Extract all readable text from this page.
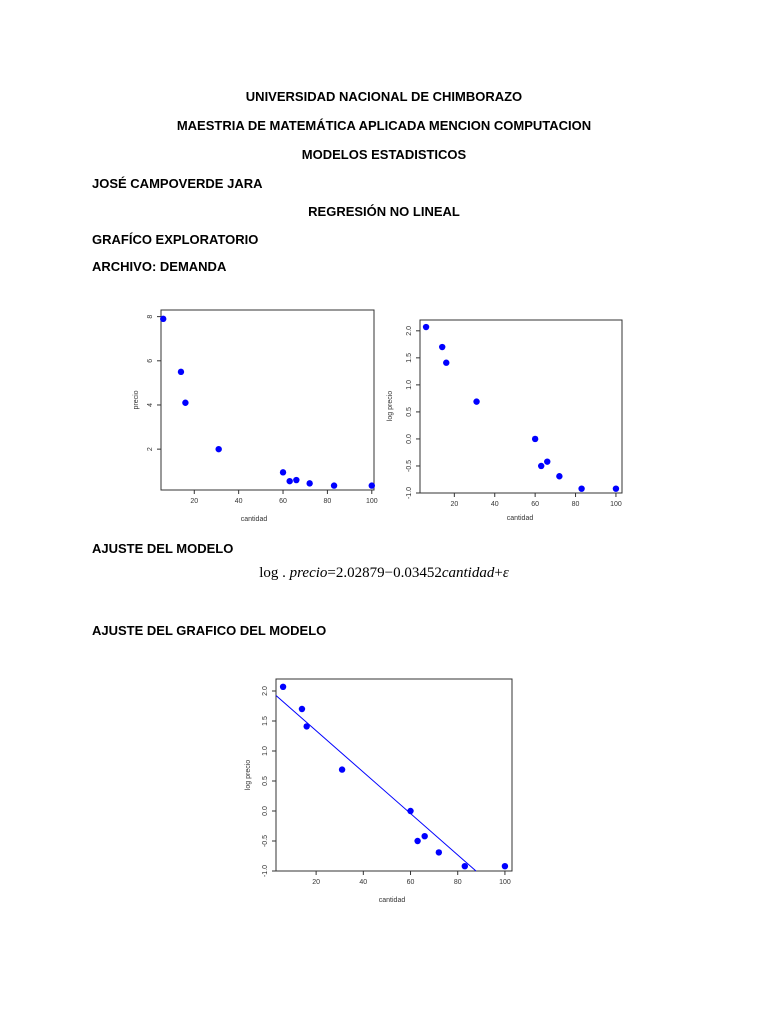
UNIVERSIDAD NACIONAL DE CHIMBORAZO
MAESTRIA DE MATEMÁTICA APLICADA MENCION COMPUTACION
MODELOS ESTADISTICOS
JOSÉ CAMPOVERDE JARA
REGRESIÓN NO LINEAL
GRAFÍCO EXPLORATORIO
ARCHIVO: DEMANDA
20	40	60	80	100
2
4
6
8
cantidad
precio
20	40	60	80	100
2.0
1.5
1.0
0.5
0.0
-0.5
-1.0
cantidad
log precio
AJUSTE DEL MODELO
log . precio=2.02879−0.03452cantidad+ε
AJUSTE DEL GRAFICO DEL MODELO
20	40	60	80	100
2.0
1.5
1.0
0.5
0.0
-0.5
-1.0
cantidad
log precio
